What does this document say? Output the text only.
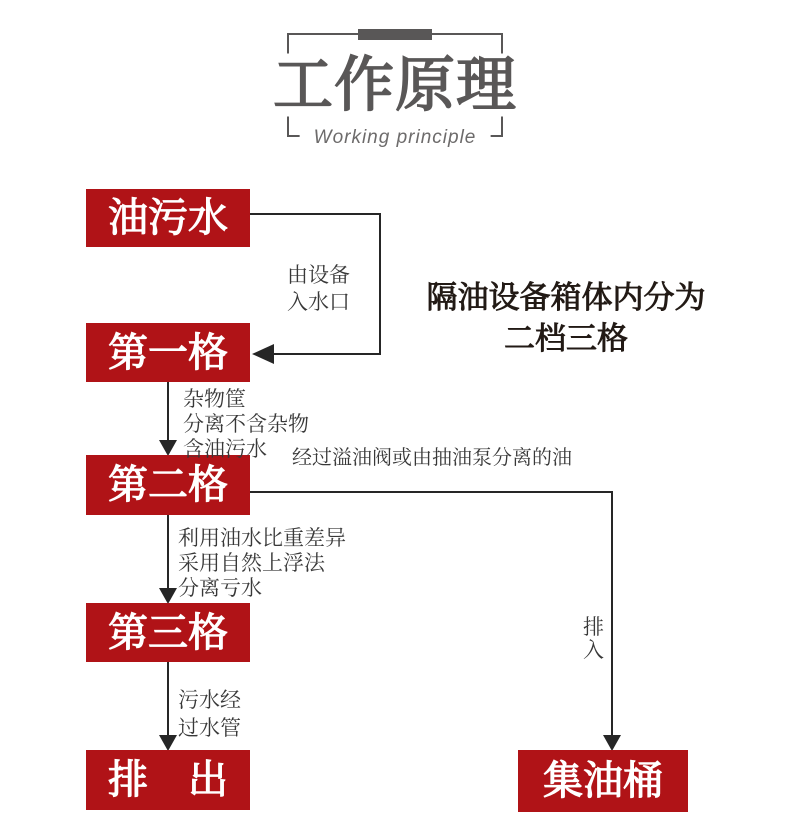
工作原理
Working principle
油污水
第一格
第二格
第三格
排　出	集油桶
隔油设备箱体内分为
二档三格
由设备
入水口
杂物筐
分离不含杂物
含油污水	经过溢油阀或由抽油泵分离的油
利用油水比重差异
采用自然上浮法
分离亏水
污水经
过水管
排
入
